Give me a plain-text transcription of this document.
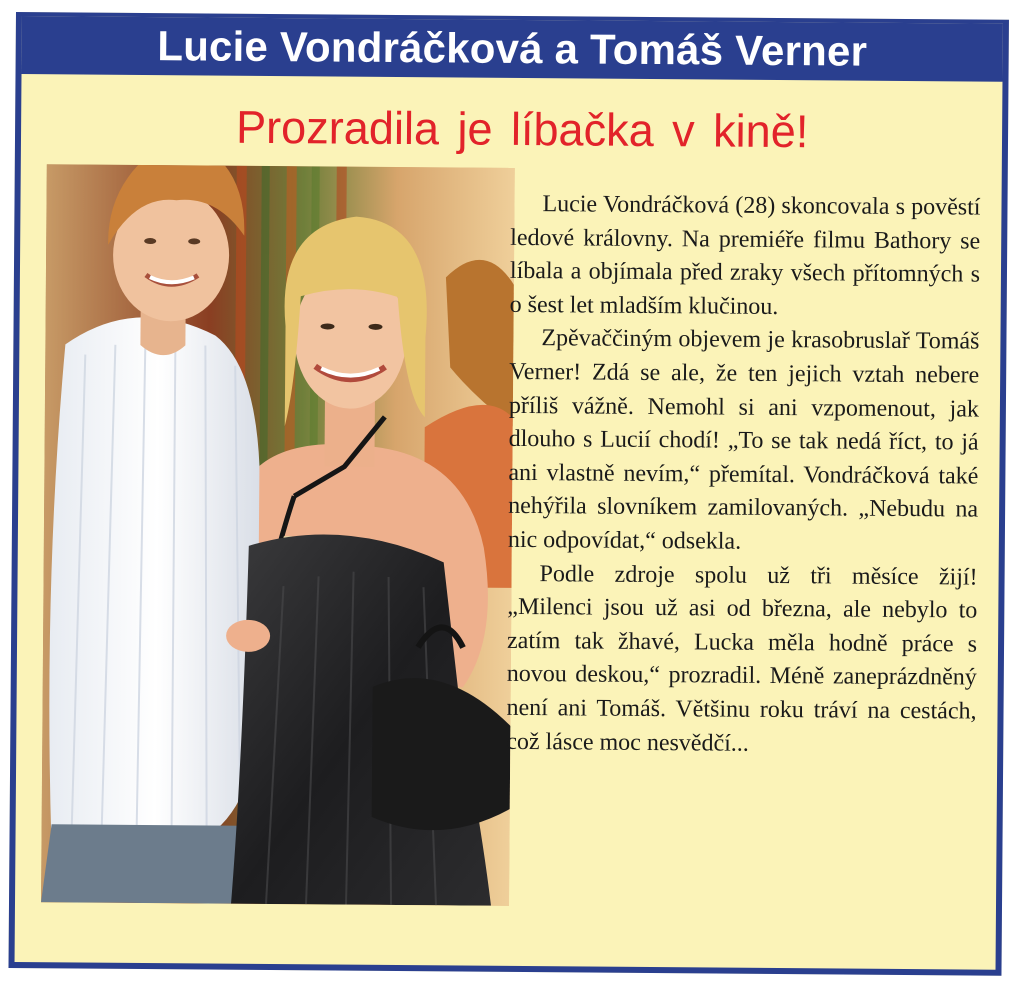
Lucie Vondráčková a Tomáš Verner
Prozradila je líbačka v kině!

Lucie Vondráčková (28) skoncovala s pověstí ledové královny. Na premiéře filmu Bathory se líbala a objímala před zraky všech přítomných s o šest let mladším klučinou.

Zpěvaččiným objevem je krasobruslař Tomáš Verner! Zdá se ale, že ten jejich vztah nebere příliš vážně. Nemohl si ani vzpomenout, jak dlouho s Lucií chodí! „To se tak nedá říct, to já ani vlastně nevím,“ přemítal. Vondráčková také nehýřila slovníkem zamilovaných. „Nebudu na nic odpovídat,“ odsekla.

Podle zdroje spolu už tři měsíce žijí! „Milenci jsou už asi od března, ale nebylo to zatím tak žhavé, Lucka měla hodně práce s novou deskou,“ prozradil. Méně zaneprázdněný není ani Tomáš. Většinu roku tráví na cestách, což lásce moc nesvědčí...
